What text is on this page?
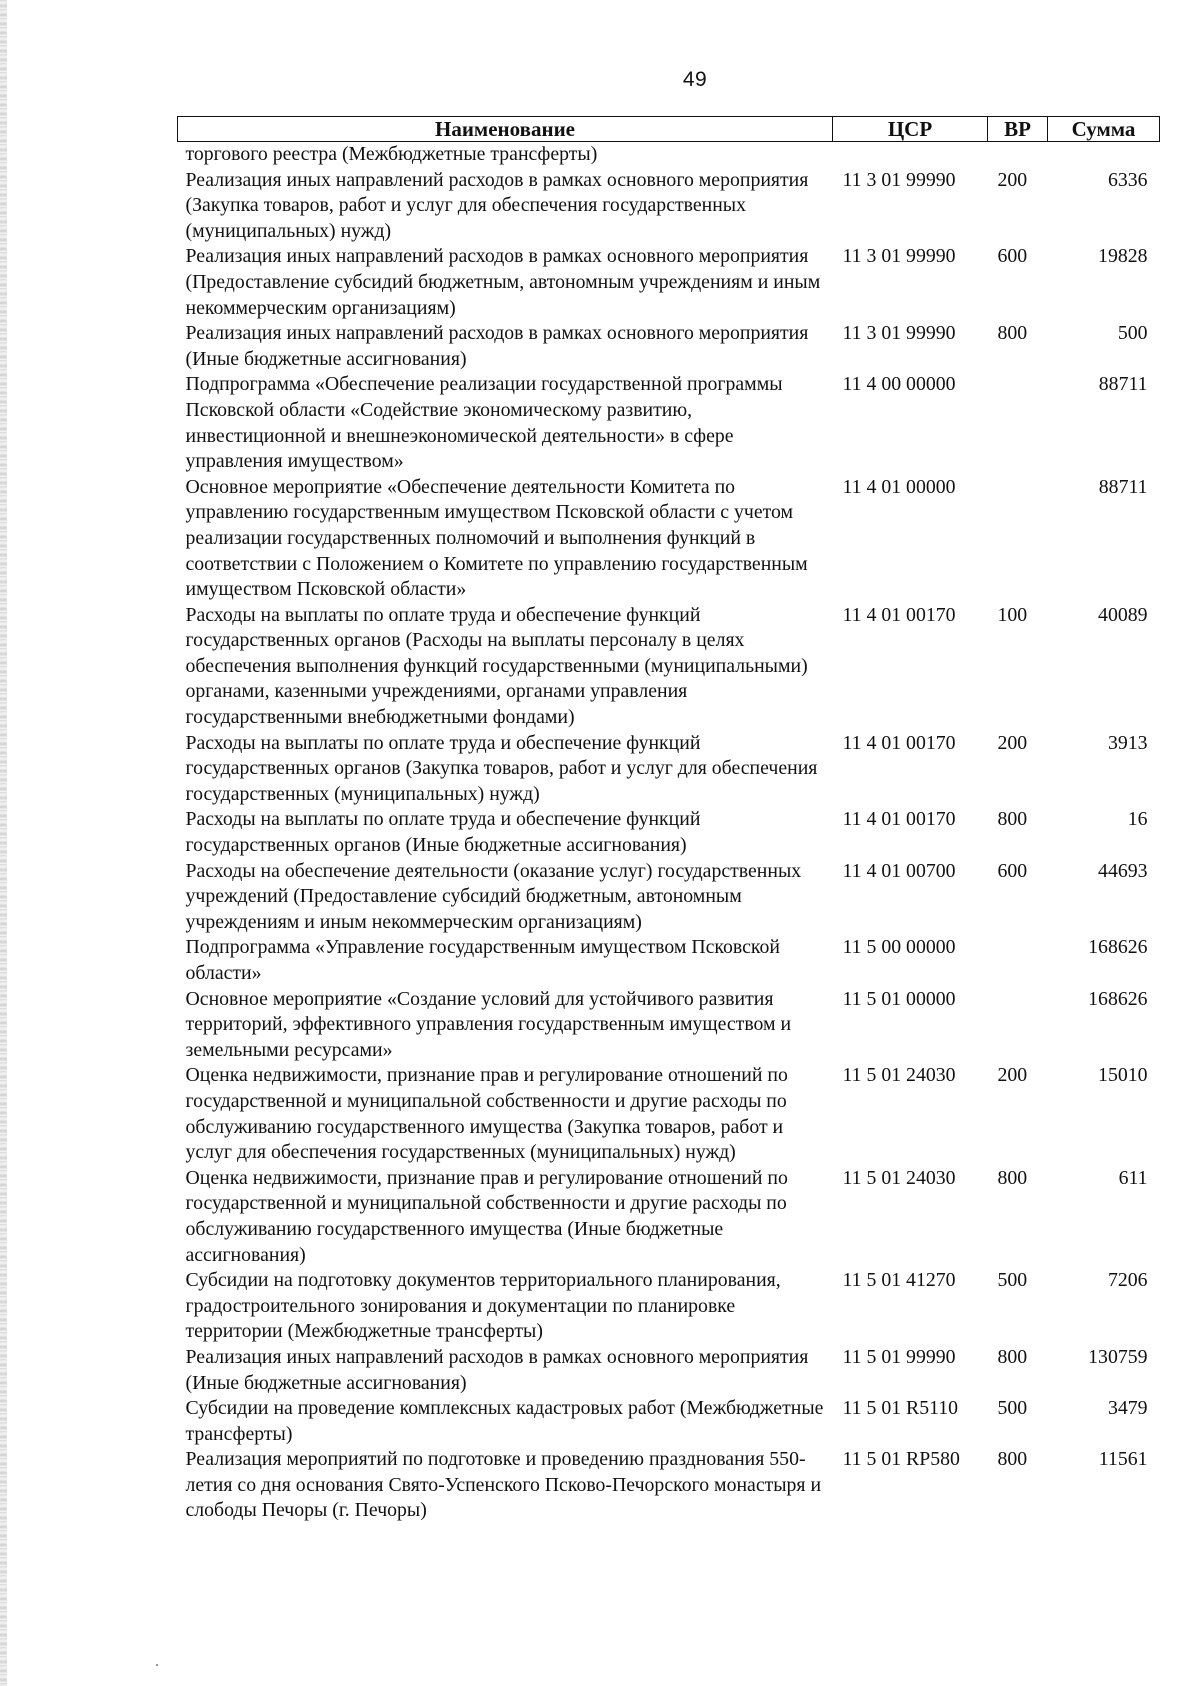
49
Наименование	ЦСР	ВР	Сумма
торгового реестра (Межбюджетные трансферты)			
Реализация иных направлений расходов в рамках основного мероприятия (Закупка товаров, работ и услуг для обеспечения государственных (муниципальных) нужд)	11 3 01 99990	200	6336
Реализация иных направлений расходов в рамках основного мероприятия (Предоставление субсидий бюджетным, автономным учреждениям и иным некоммерческим организациям)	11 3 01 99990	600	19828
Реализация иных направлений расходов в рамках основного мероприятия (Иные бюджетные ассигнования)	11 3 01 99990	800	500
Подпрограмма «Обеспечение реализации государственной программы Псковской области «Содействие экономическому развитию, инвестиционной и внешнеэкономической деятельности» в сфере управления имуществом»	11 4 00 00000		88711
Основное мероприятие «Обеспечение деятельности Комитета по управлению государственным имуществом Псковской области с учетом реализации государственных полномочий и выполнения функций в соответствии с Положением о Комитете по управлению государственным имуществом Псковской области»	11 4 01 00000		88711
Расходы на выплаты по оплате труда и обеспечение функций государственных органов (Расходы на выплаты персоналу в целях обеспечения выполнения функций государственными (муниципальными) органами, казенными учреждениями, органами управления государственными внебюджетными фондами)	11 4 01 00170	100	40089
Расходы на выплаты по оплате труда и обеспечение функций государственных органов (Закупка товаров, работ и услуг для обеспечения государственных (муниципальных) нужд)	11 4 01 00170	200	3913
Расходы на выплаты по оплате труда и обеспечение функций государственных органов (Иные бюджетные ассигнования)	11 4 01 00170	800	16
Расходы на обеспечение деятельности (оказание услуг) государственных учреждений (Предоставление субсидий бюджетным, автономным учреждениям и иным некоммерческим организациям)	11 4 01 00700	600	44693
Подпрограмма «Управление государственным имуществом Псковской области»	11 5 00 00000		168626
Основное мероприятие «Создание условий для устойчивого развития территорий, эффективного управления государственным имуществом и земельными ресурсами»	11 5 01 00000		168626
Оценка недвижимости, признание прав и регулирование отношений по государственной и муниципальной собственности и другие расходы по обслуживанию государственного имущества (Закупка товаров, работ и услуг для обеспечения государственных (муниципальных) нужд)	11 5 01 24030	200	15010
Оценка недвижимости, признание прав и регулирование отношений по государственной и муниципальной собственности и другие расходы по обслуживанию государственного имущества (Иные бюджетные ассигнования)	11 5 01 24030	800	611
Субсидии на подготовку документов территориального планирования, градостроительного зонирования и документации по планировке территории (Межбюджетные трансферты)	11 5 01 41270	500	7206
Реализация иных направлений расходов в рамках основного мероприятия (Иные бюджетные ассигнования)	11 5 01 99990	800	130759
Субсидии на проведение комплексных кадастровых работ (Межбюджетные трансферты)	11 5 01 R5110	500	3479
Реализация мероприятий по подготовке и проведению празднования 550-летия со дня основания Свято-Успенского Псково-Печорского монастыря и слободы Печоры (г. Печоры)	11 5 01 RP580	800	11561
